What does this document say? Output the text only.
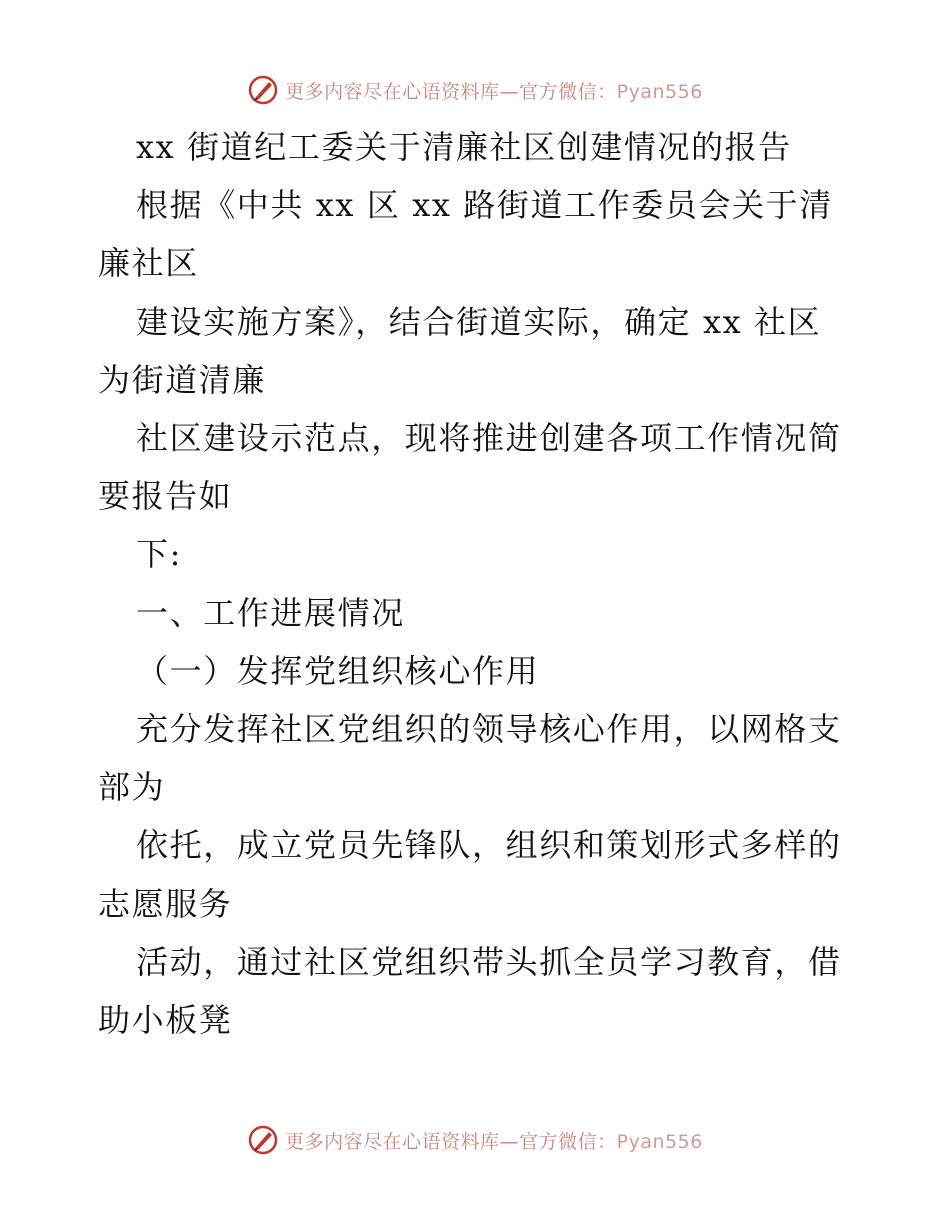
更多内容尽在心语资料库—官方微信：Pyan556
xx 街道纪工委关于清廉社区创建情况的报告
根据《中共 xx 区 xx 路街道工作委员会关于清
廉社区
建设实施方案》，结合街道实际，确定 xx 社区
为街道清廉
社区建设示范点，现将推进创建各项工作情况简
要报告如
下:
一、工作进展情况
（一）发挥党组织核心作用
充分发挥社区党组织的领导核心作用，以网格支
部为
依托，成立党员先锋队，组织和策划形式多样的
志愿服务
活动，通过社区党组织带头抓全员学习教育，借
助小板凳
更多内容尽在心语资料库—官方微信：Pyan556
